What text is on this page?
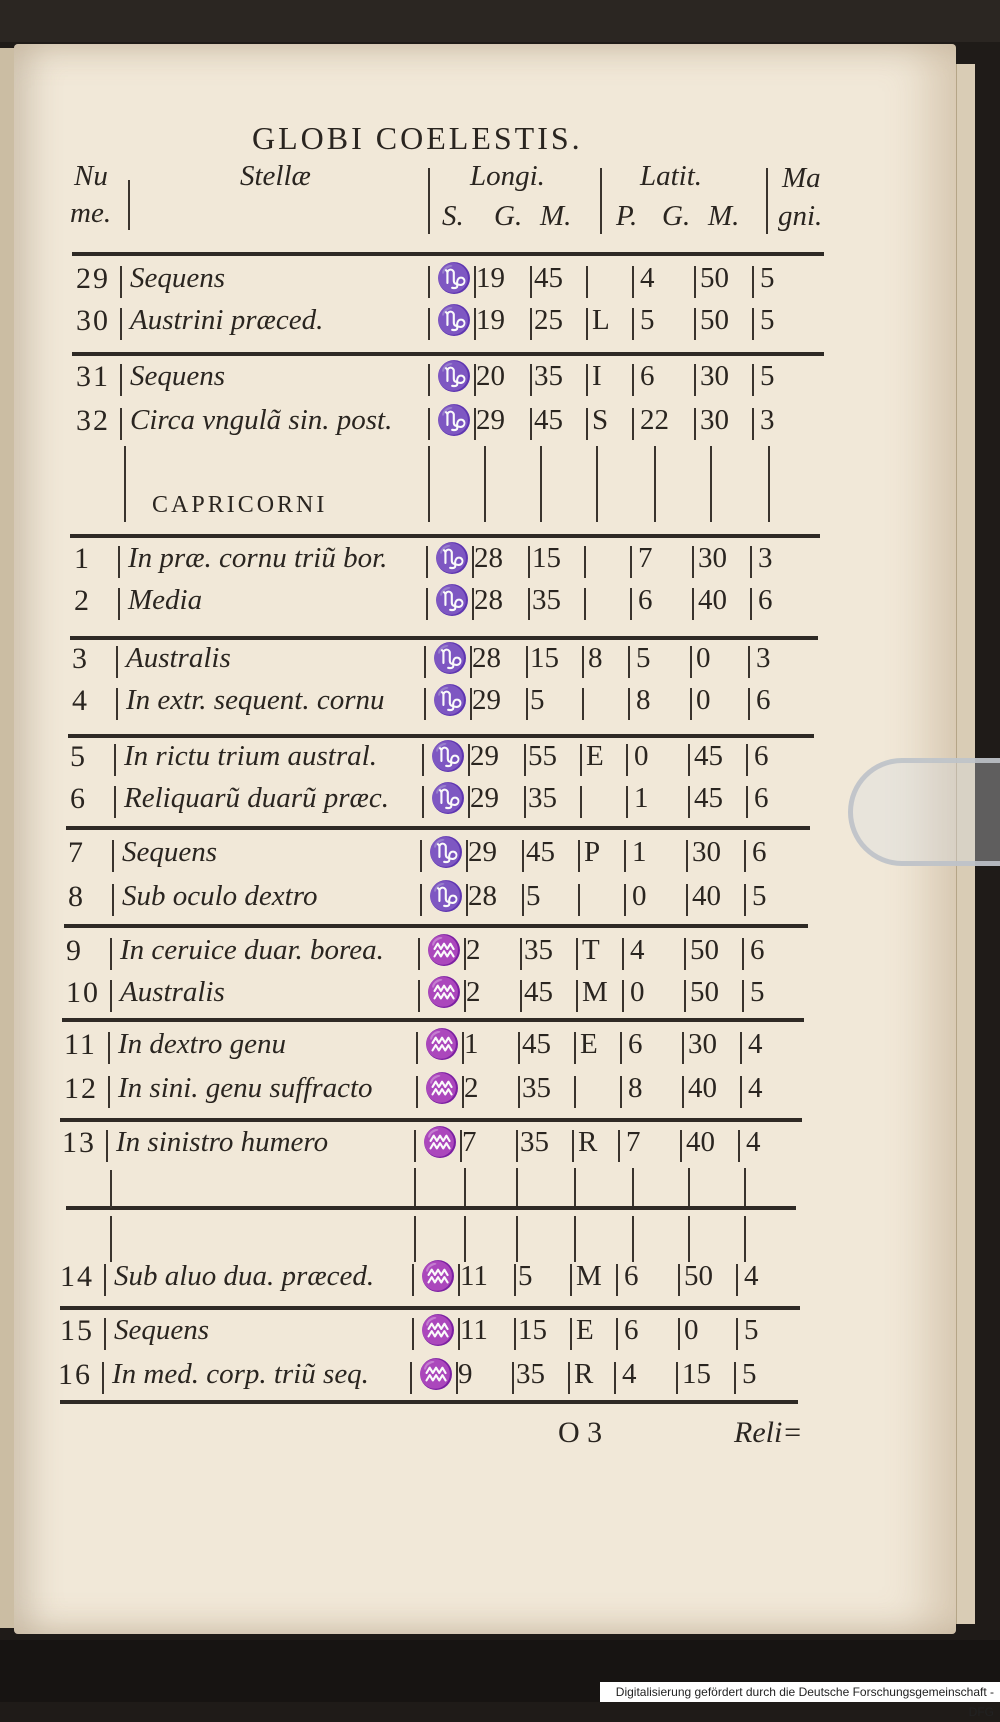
GLOBI COELESTIS.
Nu
me.
Stellæ	Longi.	Latit.	Ma
gni.
S. G. M. P. G. M.
CAPRICORNI
29 Sequens	♑ 19 45	4 50 5
30 Austrini præced.	♑ 19 25 L 5 50 5
31 Sequens	♑ 20 35 I 6 30 5
32 Circa vngulã sin. post. ♑ 29 45 S 22 30 3
1 In præ. cornu triũ bor. ♑ 28 15	7 30 3
2 Media	♑ 28 35	6 40 6
3 Australis	♑ 28 15 8 5 0 3
4 In extr. sequent. cornu ♑ 29 5	8 0 6
5 In rictu trium austral. ♑ 29 55 E 0 45 6
6 Reliquarũ duarũ præc. ♑ 29 35	1 45 6
7 Sequens	♑ 29 45 P 1 30 6
8 Sub oculo dextro	♑ 28 5	0 40 5
9 In ceruice duar. borea. ♒ 2 35 T 4 50 6
10 Australis	♒ 2 45 M 0 50 5
11 In dextro genu	♒ 1 45 E 6 30 4
12 In sini. genu suffracto ♒ 2 35	8 40 4
13 In sinistro humero	♒ 7 35 R 7 40 4
14 Sub aluo dua. præced. ♒ 11 5 M 6 50 4
15 Sequens	♒ 11 15 E 6 0 5
16 In med. corp. triũ seq. ♒ 9 35 R 4 15 5
O 3	Reli=
Digitalisierung gefördert durch die Deutsche Forschungsgemeinschaft - DFG
